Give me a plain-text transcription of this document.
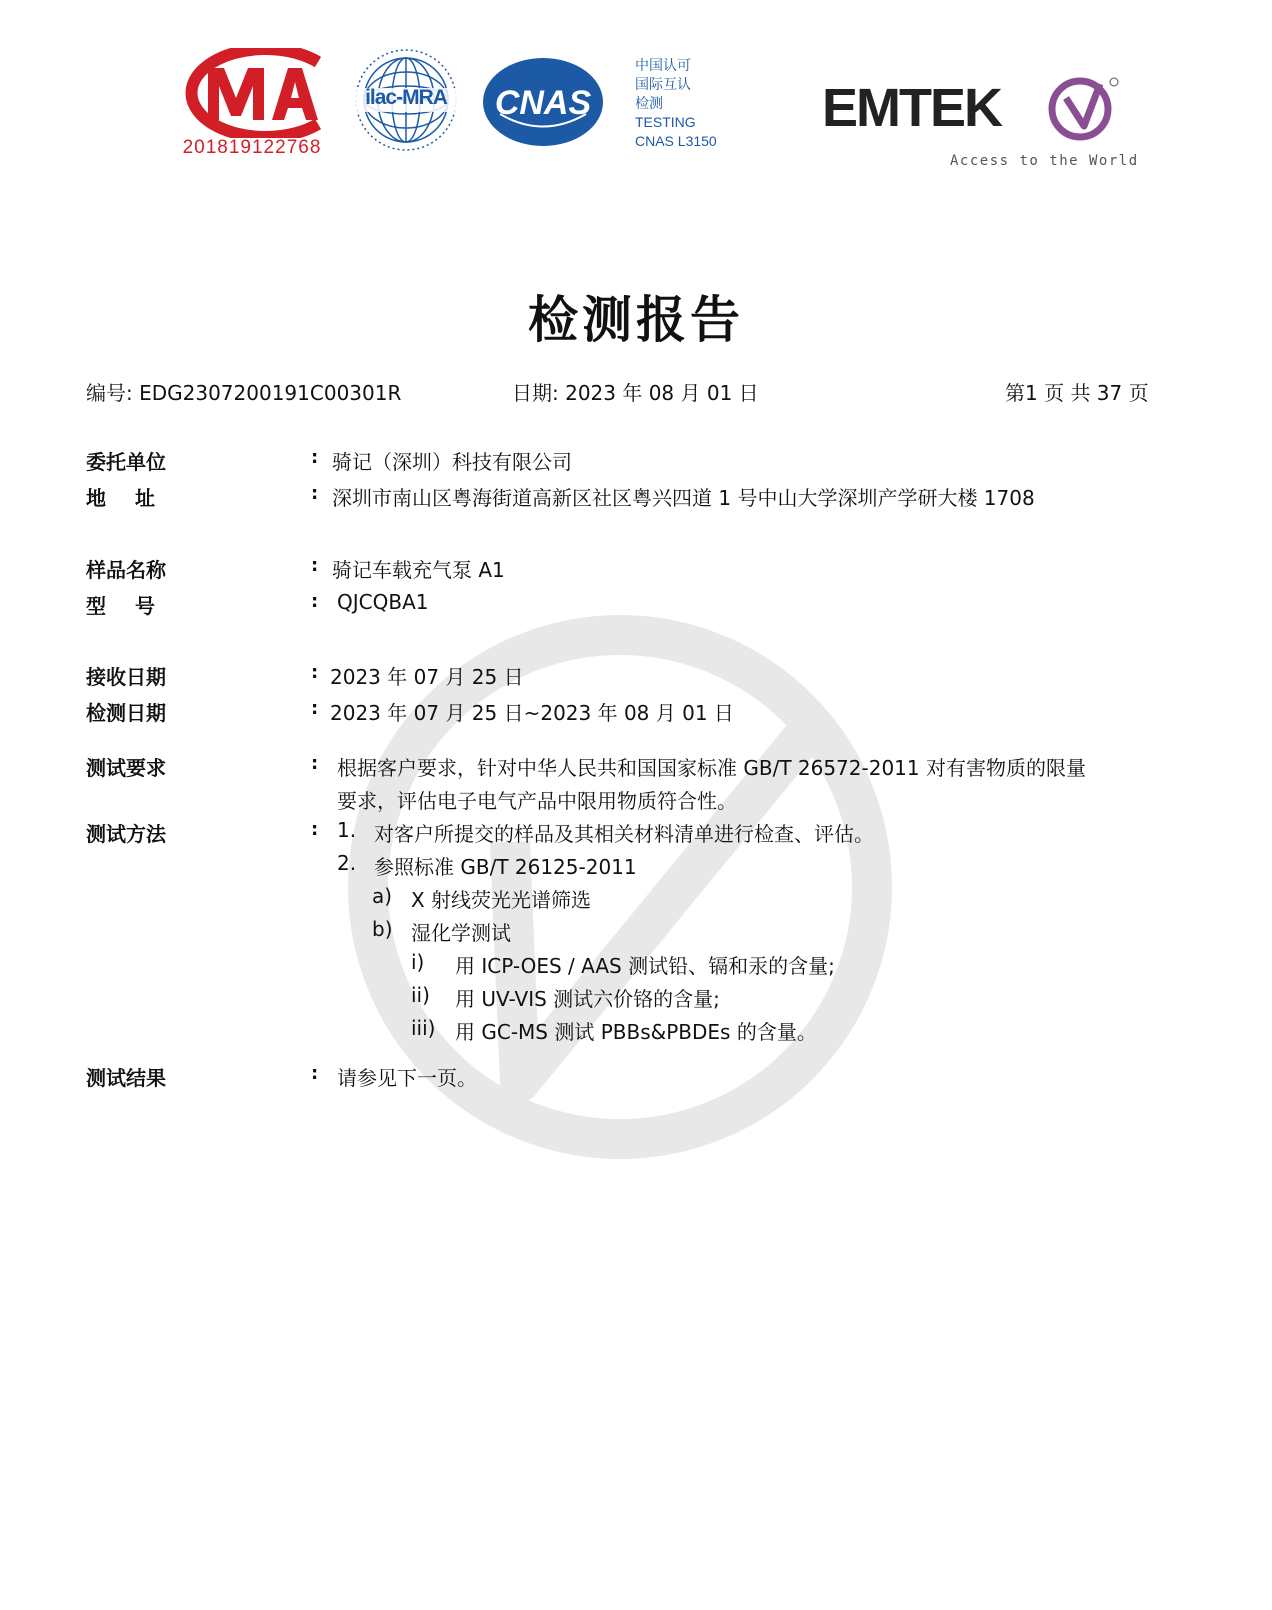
201819122768
ilac-MRA	CNAS
中国认可
国际互认
检测
TESTING
CNAS L3150
EMTEK
Access to the World
检测报告
编号: EDG2307200191C00301R	日期: 2023 年 08 月 01 日	第1 页 共 37 页
委托单位	: 骑记（深圳）科技有限公司
地址	: 深圳市南山区粤海街道高新区社区粤兴四道 1 号中山大学深圳产学研大楼 1708
样品名称	: 骑记车载充气泵 A1
型号	: QJCQBA1
接收日期	: 2023 年 07 月 25 日
检测日期	: 2023 年 07 月 25 日~2023 年 08 月 01 日
测试要求	: 根据客户要求，针对中华人民共和国国家标准 GB/T 26572-2011 对有害物质的限量
要求，评估电子电气产品中限用物质符合性。
测试方法	: 1. 对客户所提交的样品及其相关材料清单进行检查、评估。
2. 参照标准 GB/T 26125-2011
a) X 射线荧光光谱筛选
b) 湿化学测试
i) 用 ICP-OES / AAS 测试铅、镉和汞的含量;
ii) 用 UV-VIS 测试六价铬的含量;
iii) 用 GC-MS 测试 PBBs&PBDEs 的含量。
测试结果	: 请参见下一页。
